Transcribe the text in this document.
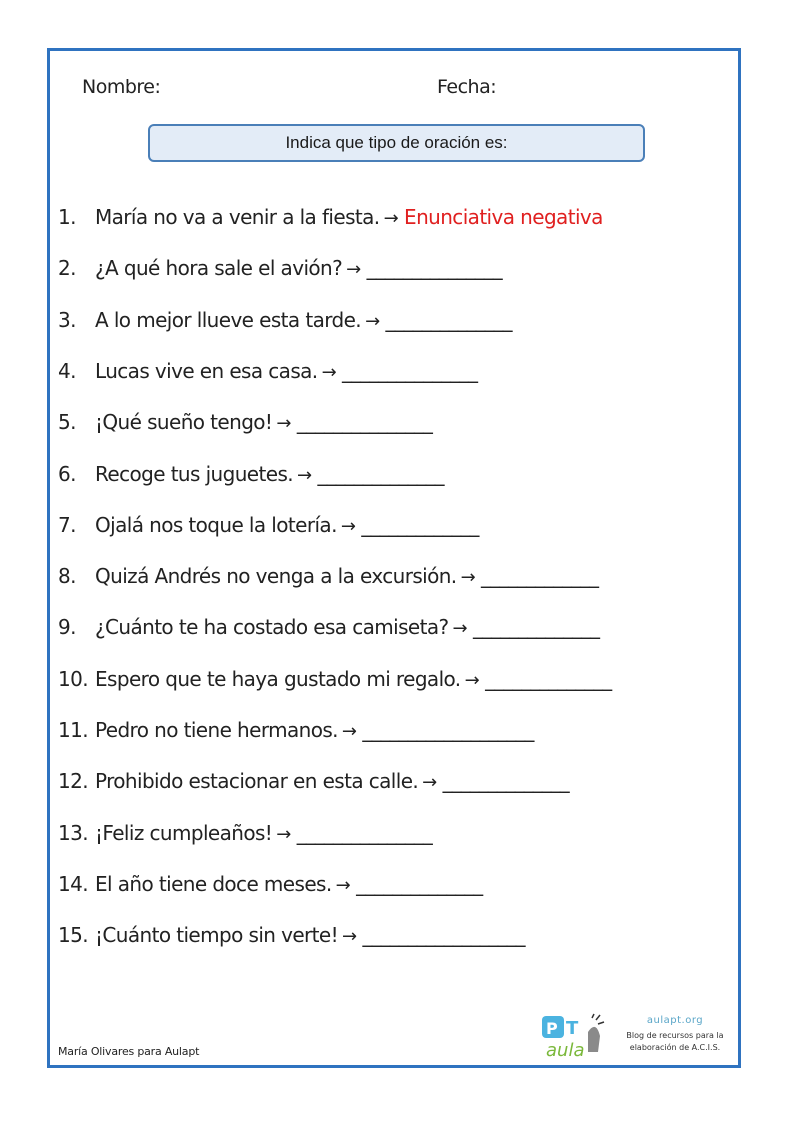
Nombre:	Fecha:
Indica que tipo de oración es:
1. María no va a venir a la fiesta. → Enunciativa negativa
2. ¿A qué hora sale el avión? → _______________
3. A lo mejor llueve esta tarde. → ______________
4. Lucas vive en esa casa. → _______________
5. ¡Qué sueño tengo! → _______________
6. Recoge tus juguetes. → ______________
7. Ojalá nos toque la lotería. → _____________
8. Quizá Andrés no venga a la excursión. → _____________
9. ¿Cuánto te ha costado esa camiseta? → ______________
10. Espero que te haya gustado mi regalo. → ______________
11. Pedro no tiene hermanos. → ___________________
12. Prohibido estacionar en esta calle. → ______________
13. ¡Feliz cumpleaños! → _______________
14. El año tiene doce meses. → ______________
15. ¡Cuánto tiempo sin verte! → __________________
María Olivares para Aulapt
P T
aula
aulapt.org
Blog de recursos para la
elaboración de A.C.I.S.
